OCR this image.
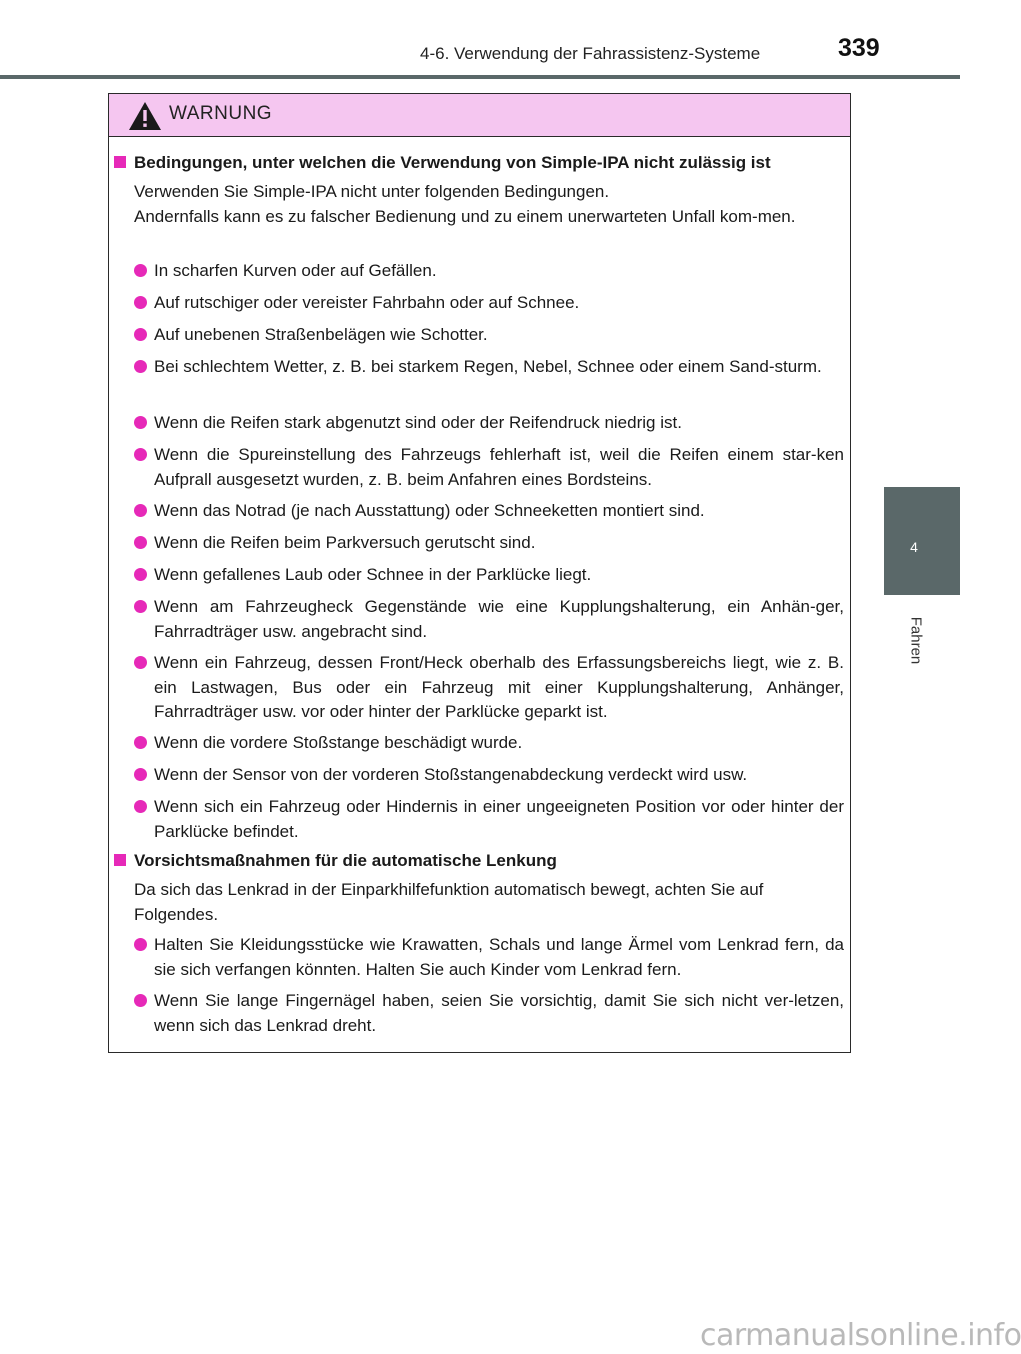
4-6. Verwendung der Fahrassistenz-Systeme	339
4
Fahren
WARNUNG
Bedingungen, unter welchen die Verwendung von Simple-IPA nicht zulässig ist
Verwenden Sie Simple-IPA nicht unter folgenden Bedingungen.
Andernfalls kann es zu falscher Bedienung und zu einem unerwarteten Unfall kom-men.
In scharfen Kurven oder auf Gefällen.
Auf rutschiger oder vereister Fahrbahn oder auf Schnee.
Auf unebenen Straßenbelägen wie Schotter.
Bei schlechtem Wetter, z. B. bei starkem Regen, Nebel, Schnee oder einem Sand-sturm.
Wenn die Reifen stark abgenutzt sind oder der Reifendruck niedrig ist.
Wenn die Spureinstellung des Fahrzeugs fehlerhaft ist, weil die Reifen einem star-ken Aufprall ausgesetzt wurden, z. B. beim Anfahren eines Bordsteins.
Wenn das Notrad (je nach Ausstattung) oder Schneeketten montiert sind.
Wenn die Reifen beim Parkversuch gerutscht sind.
Wenn gefallenes Laub oder Schnee in der Parklücke liegt.
Wenn am Fahrzeugheck Gegenstände wie eine Kupplungshalterung, ein Anhän-ger, Fahrradträger usw. angebracht sind.
Wenn ein Fahrzeug, dessen Front/Heck oberhalb des Erfassungsbereichs liegt, wie z. B. ein Lastwagen, Bus oder ein Fahrzeug mit einer Kupplungshalterung, Anhänger, Fahrradträger usw. vor oder hinter der Parklücke geparkt ist.
Wenn die vordere Stoßstange beschädigt wurde.
Wenn der Sensor von der vorderen Stoßstangenabdeckung verdeckt wird usw.
Wenn sich ein Fahrzeug oder Hindernis in einer ungeeigneten Position vor oder hinter der Parklücke befindet.
Vorsichtsmaßnahmen für die automatische Lenkung
Da sich das Lenkrad in der Einparkhilfefunktion automatisch bewegt, achten Sie auf Folgendes.
Halten Sie Kleidungsstücke wie Krawatten, Schals und lange Ärmel vom Lenkrad fern, da sie sich verfangen könnten. Halten Sie auch Kinder vom Lenkrad fern.
Wenn Sie lange Fingernägel haben, seien Sie vorsichtig, damit Sie sich nicht ver-letzen, wenn sich das Lenkrad dreht.
carmanualsonline.info
